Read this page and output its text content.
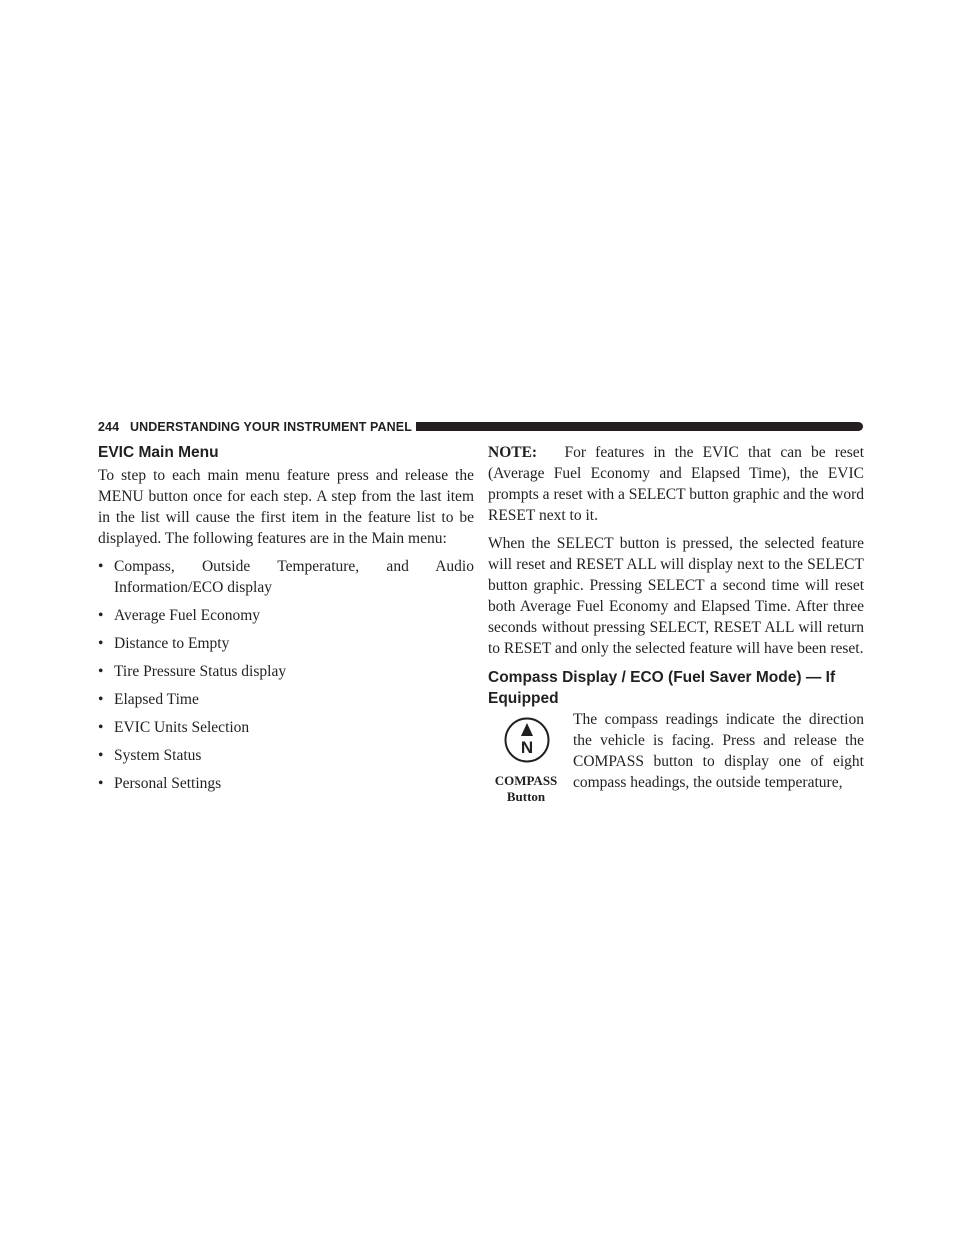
244 UNDERSTANDING YOUR INSTRUMENT PANEL
EVIC Main Menu

To step to each main menu feature press and release the MENU button once for each step. A step from the last item in the list will cause the first item in the feature list to be displayed. The following features are in the Main menu:

• Compass, Outside Temperature, and Audio Information/ECO display
• Average Fuel Economy
• Distance to Empty
• Tire Pressure Status display
• Elapsed Time
• EVIC Units Selection
• System Status
• Personal Settings

NOTE: For features in the EVIC that can be reset (Average Fuel Economy and Elapsed Time), the EVIC prompts a reset with a SELECT button graphic and the word RESET next to it.

When the SELECT button is pressed, the selected feature will reset and RESET ALL will display next to the SELECT button graphic. Pressing SELECT a second time will reset both Average Fuel Economy and Elapsed Time. After three seconds without pressing SELECT, RESET ALL will return to RESET and only the selected feature will have been reset.

Compass Display / ECO (Fuel Saver Mode) — If Equipped
N
COMPASS
Button

The compass readings indicate the direction the vehicle is facing. Press and release the COMPASS button to display one of eight compass headings, the outside temperature,
